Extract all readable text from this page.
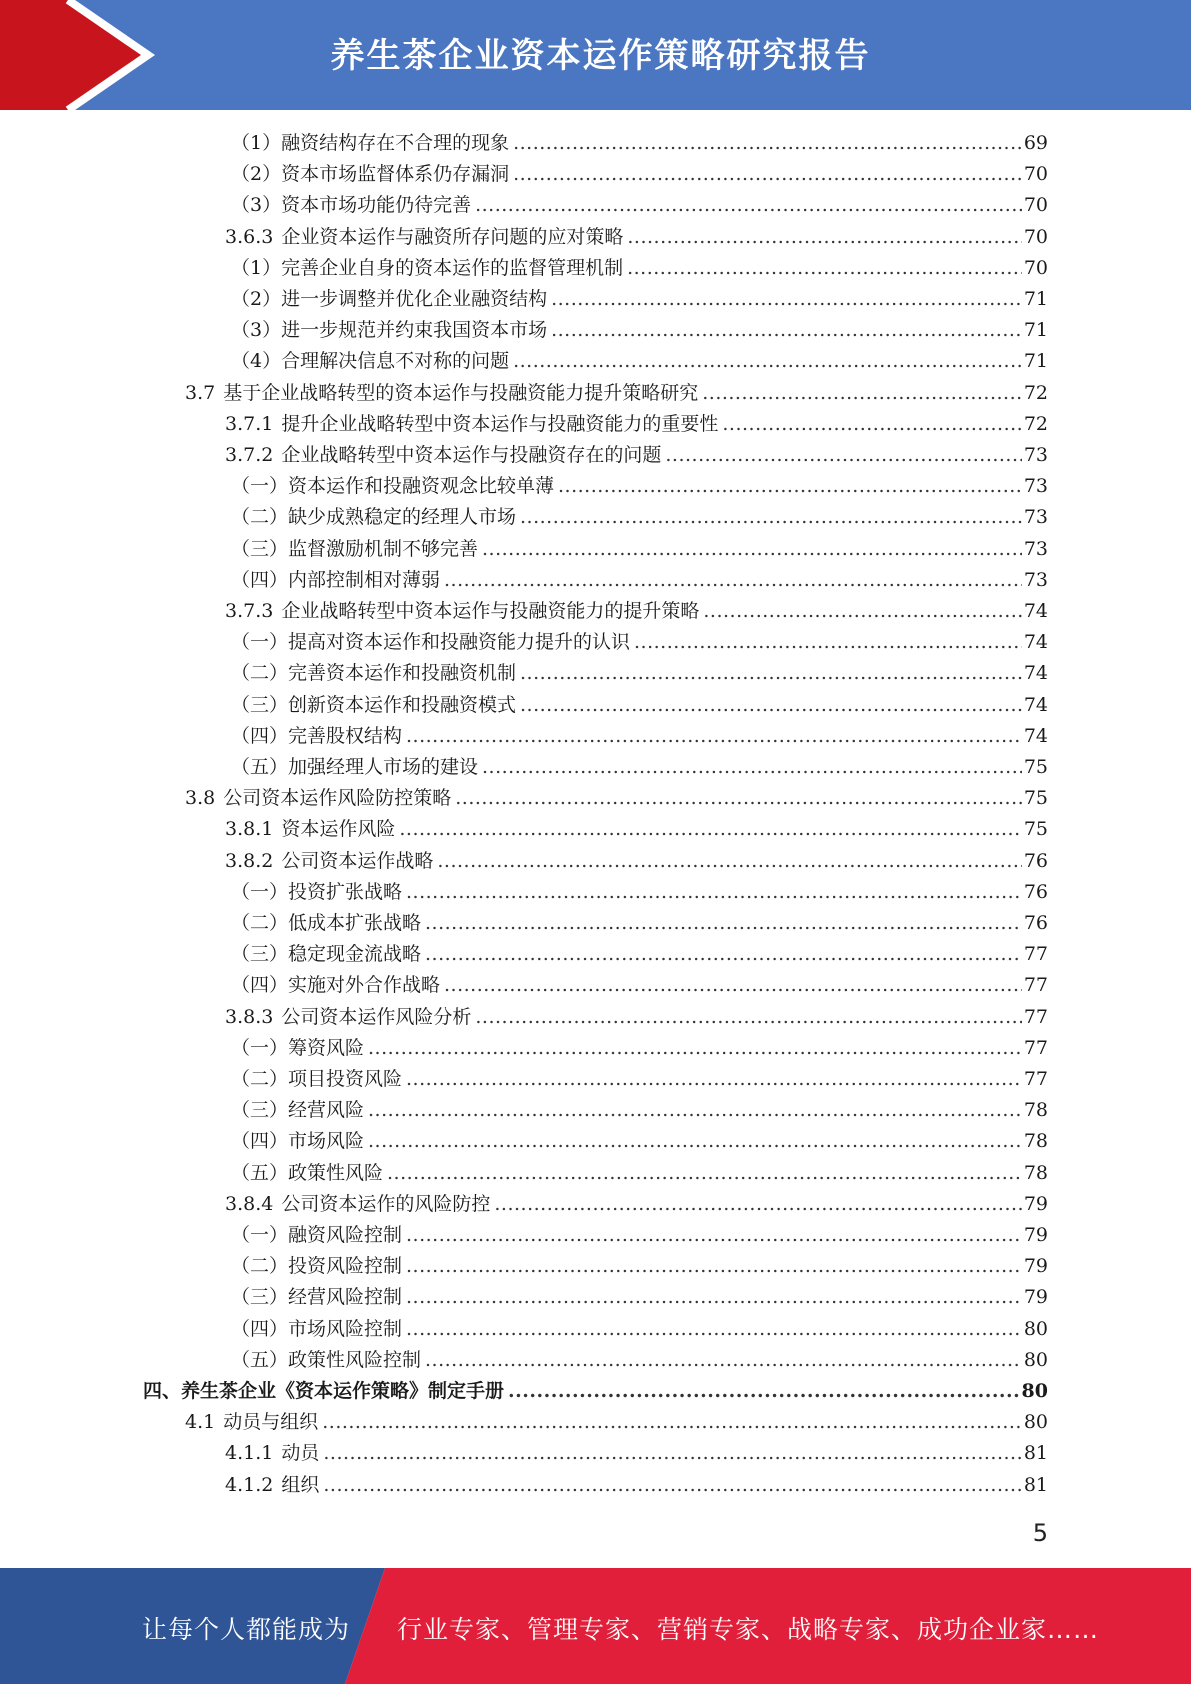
养生茶企业资本运作策略研究报告
（1）融资结构存在不合理的现象 .....	69
（2）资本市场监督体系仍存漏洞 .....	70
（3）资本市场功能仍待完善 .....	70
3.6.3 企业资本运作与融资所存问题的应对策略 .....	70
（1）完善企业自身的资本运作的监督管理机制 .....	70
（2）进一步调整并优化企业融资结构 .....	71
（3）进一步规范并约束我国资本市场 .....	71
（4）合理解决信息不对称的问题 .....	71
3.7 基于企业战略转型的资本运作与投融资能力提升策略研究 .....	72
3.7.1 提升企业战略转型中资本运作与投融资能力的重要性 .....	72
3.7.2 企业战略转型中资本运作与投融资存在的问题 .....	73
（一）资本运作和投融资观念比较单薄 .....	73
（二）缺少成熟稳定的经理人市场 .....	73
（三）监督激励机制不够完善 .....	73
（四）内部控制相对薄弱 .....	73
3.7.3 企业战略转型中资本运作与投融资能力的提升策略 .....	74
（一）提高对资本运作和投融资能力提升的认识 .....	74
（二）完善资本运作和投融资机制 .....	74
（三）创新资本运作和投融资模式 .....	74
（四）完善股权结构 .....	74
（五）加强经理人市场的建设 .....	75
3.8 公司资本运作风险防控策略 .....	75
3.8.1 资本运作风险 .....	75
3.8.2 公司资本运作战略 .....	76
（一）投资扩张战略 .....	76
（二）低成本扩张战略 .....	76
（三）稳定现金流战略 .....	77
（四）实施对外合作战略 .....	77
3.8.3 公司资本运作风险分析 .....	77
（一）筹资风险 .....	77
（二）项目投资风险 .....	77
（三）经营风险 .....	78
（四）市场风险 .....	78
（五）政策性风险 .....	78
3.8.4 公司资本运作的风险防控 .....	79
（一）融资风险控制 .....	79
（二）投资风险控制 .....	79
（三）经营风险控制 .....	79
（四）市场风险控制 .....	80
（五）政策性风险控制 .....	80
四、养生茶企业《资本运作策略》制定手册 .....	80
4.1 动员与组织 .....	80
4.1.1 动员 .....	81
4.1.2 组织 .....	81
5
让每个人都能成为 行业专家、管理专家、营销专家、战略专家、成功企业家……
